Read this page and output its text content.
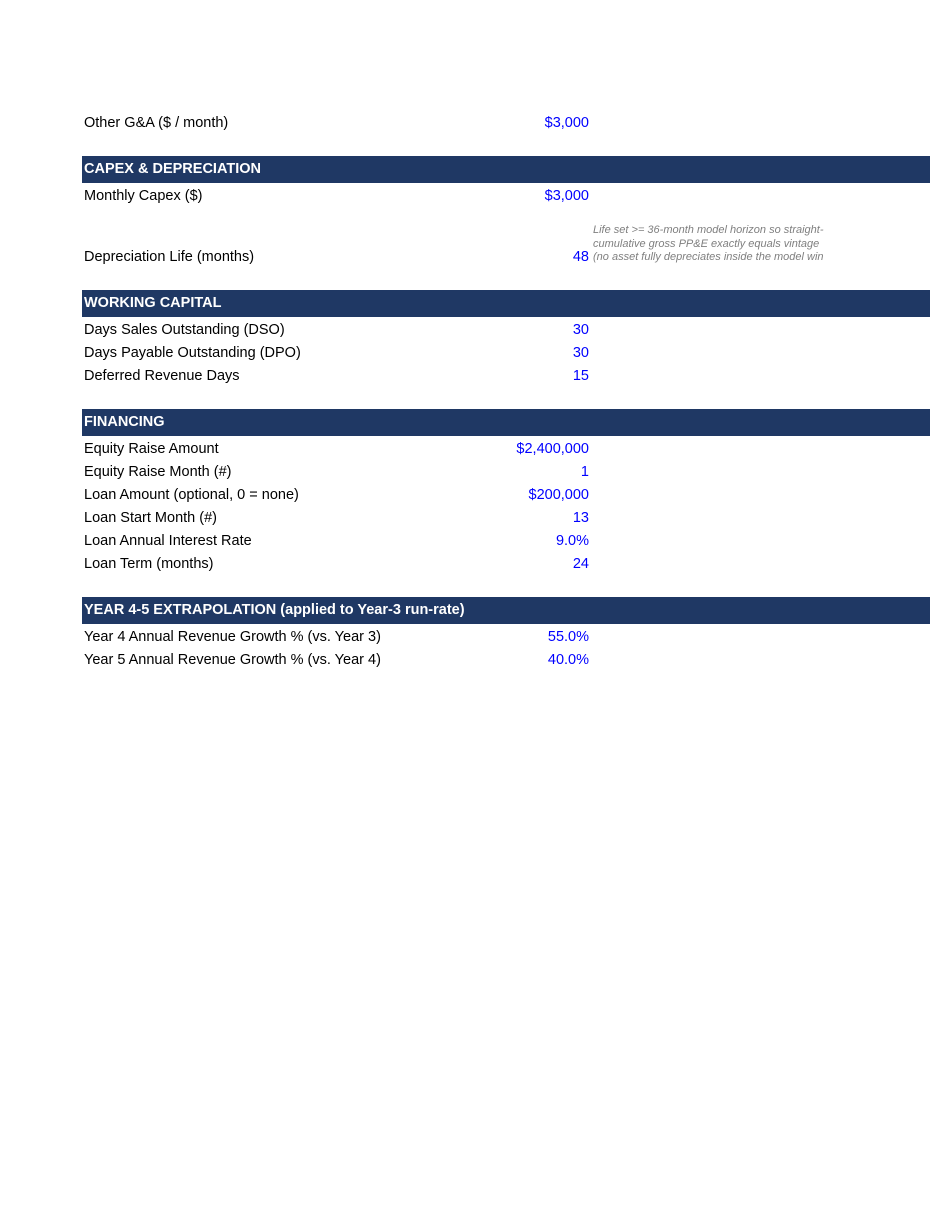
Other G&A ($ / month)	$3,000
CAPEX & DEPRECIATION
Monthly Capex ($)	$3,000
Depreciation Life (months)	48
Life set >= 36-month model horizon so straight-
cumulative gross PP&E exactly equals vintage
(no asset fully depreciates inside the model win
WORKING CAPITAL
Days Sales Outstanding (DSO)	30
Days Payable Outstanding (DPO)	30
Deferred Revenue Days	15
FINANCING
Equity Raise Amount	$2,400,000
Equity Raise Month (#)	1
Loan Amount (optional, 0 = none)	$200,000
Loan Start Month (#)	13
Loan Annual Interest Rate	9.0%
Loan Term (months)	24
YEAR 4-5 EXTRAPOLATION (applied to Year-3 run-rate)
Year 4 Annual Revenue Growth % (vs. Year 3)	55.0%
Year 5 Annual Revenue Growth % (vs. Year 4)	40.0%
